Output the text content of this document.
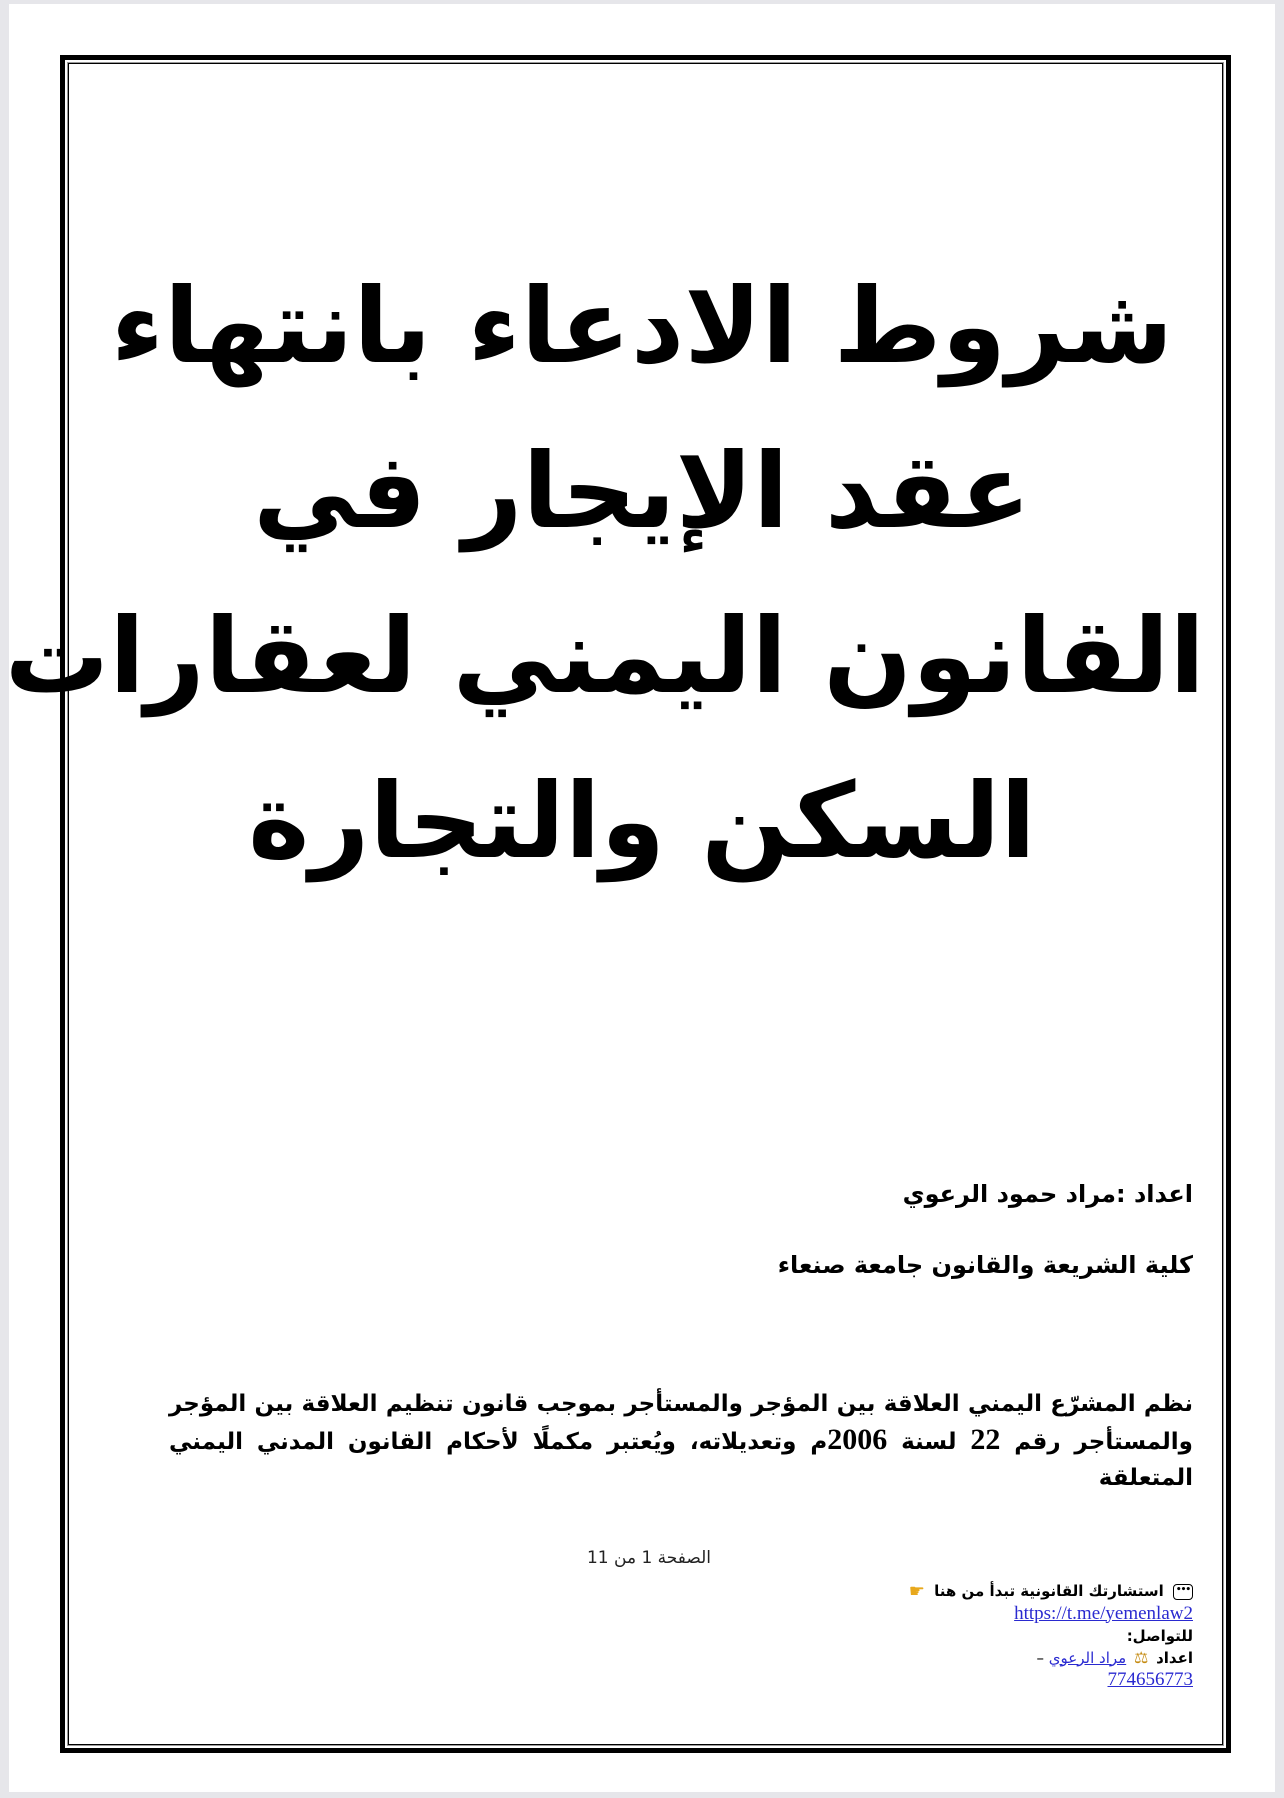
شروط الادعاء بانتهاء
عقد الإيجار في
القانون اليمني لعقارات
السكن والتجارة
اعداد :مراد حمود الرعوي
كلية الشريعة والقانون جامعة صنعاء
نظم المشرّع اليمني العلاقة بين المؤجر والمستأجر بموجب قانون تنظيم العلاقة بين المؤجر والمستأجر رقم 22 لسنة 2006م وتعديلاته، ويُعتبر مكملًا لأحكام القانون المدني اليمني المتعلقة
الصفحة 1 من 11
••• استشارتك القانونية تبدأ من هنا ☛
https://t.me/yemenlaw2
للتواصل:
اعداد ⚖ مراد الرعوي –
774656773
